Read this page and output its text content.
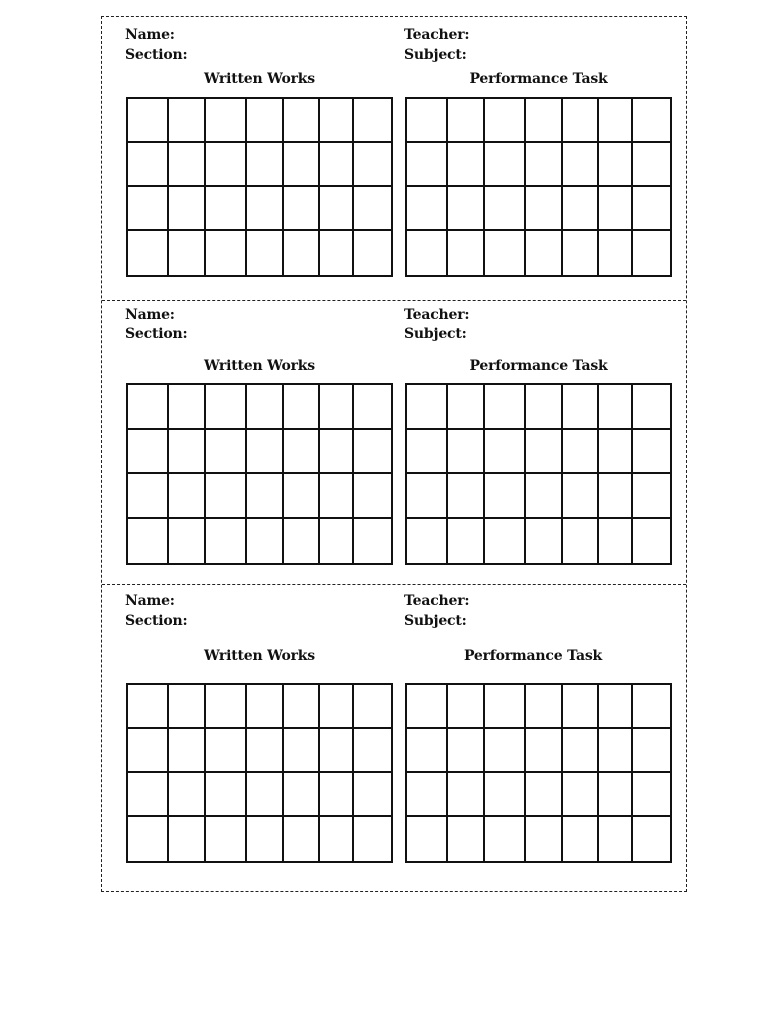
Name:
Section:
Teacher:
Subject:
Written Works	Performance Task
Name:
Section:
Teacher:
Subject:
Written Works	Performance Task
Name:
Section:
Teacher:
Subject:
Written Works	Performance Task
